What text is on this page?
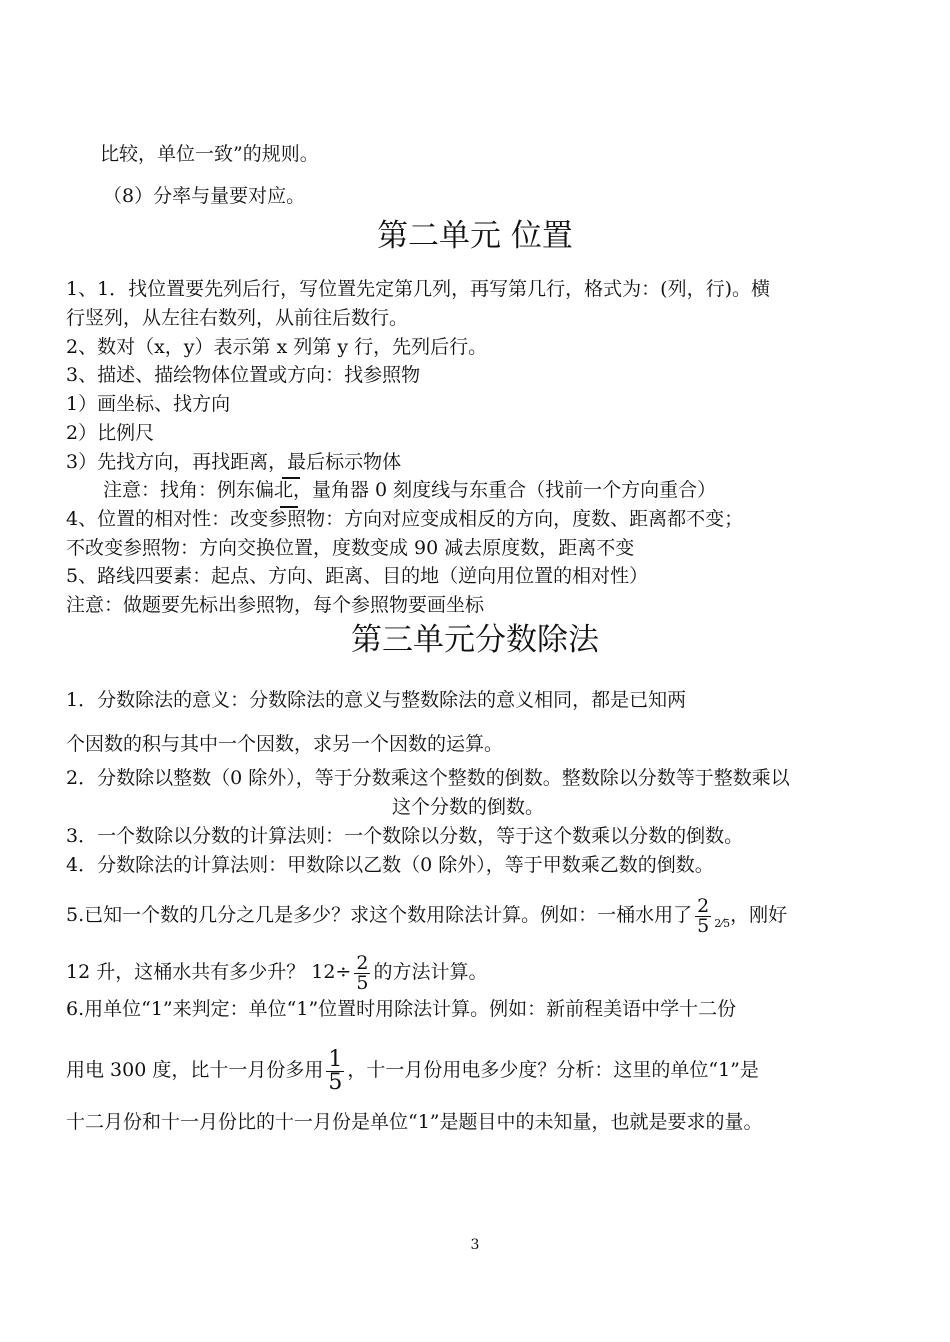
比较，单位一致”的规则。
（8）分率与量要对应。
第二单元 位置
1、1．找位置要先列后行，写位置先定第几列，再写第几行，格式为：(列，行)。横
行竖列，从左往右数列，从前往后数行。
2、数对（x，y）表示第 x 列第 y 行，先列后行。
3、描述、描绘物体位置或方向：找参照物
1）画坐标、找方向
2）比例尺
3）先找方向，再找距离，最后标示物体
注意：找角：例东偏北，量角器 0 刻度线与东重合（找前一个方向重合）
4、位置的相对性：改变参照物：方向对应变成相反的方向，度数、距离都不变；
不改变参照物：方向交换位置，度数变成 90 减去原度数，距离不变
5、路线四要素：起点、方向、距离、目的地（逆向用位置的相对性）
注意：做题要先标出参照物，每个参照物要画坐标
第三单元分数除法
1．分数除法的意义：分数除法的意义与整数除法的意义相同，都是已知两
个因数的积与其中一个因数，求另一个因数的运算。
2．分数除以整数（0 除外），等于分数乘这个整数的倒数。整数除以分数等于整数乘以
这个分数的倒数。
3．一个数除以分数的计算法则：一个数除以分数，等于这个数乘以分数的倒数。
4．分数除法的计算法则：甲数除以乙数（0 除外），等于甲数乘乙数的倒数。
5.已知一个数的几分之几是多少？求这个数用除法计算。例如：一桶水用了 $\frac{2}{5} _{2⁄5}$，刚好
12 升，这桶水共有多少升？ $12\div \frac{2}{5}$ 的方法计算。
6.用单位“1”来判定：单位“1”位置时用除法计算。例如：新前程美语中学十二份
用电 300 度，比十一月份多用 $\frac{1}{5}$ ，十一月份用电多少度？分析：这里的单位“1”是
十二月份和十一月份比的十一月份是单位“1”是题目中的未知量，也就是要求的量。
3
